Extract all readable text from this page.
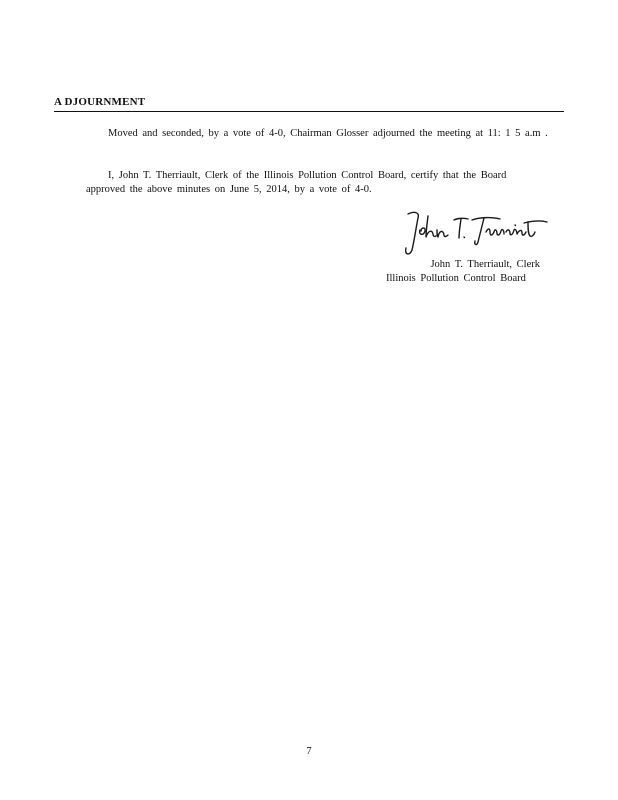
A DJOURNMENT

Moved and seconded, by a vote of 4-0, Chairman Glosser adjourned the meeting at 11: 1 5 a.m .

I, John T. Therriault, Clerk of the Illinois Pollution Control Board, certify that the Board approved the above minutes on June 5, 2014, by a vote of 4-0.

John T. Therriault, Clerk
Illinois Pollution Control Board
7
